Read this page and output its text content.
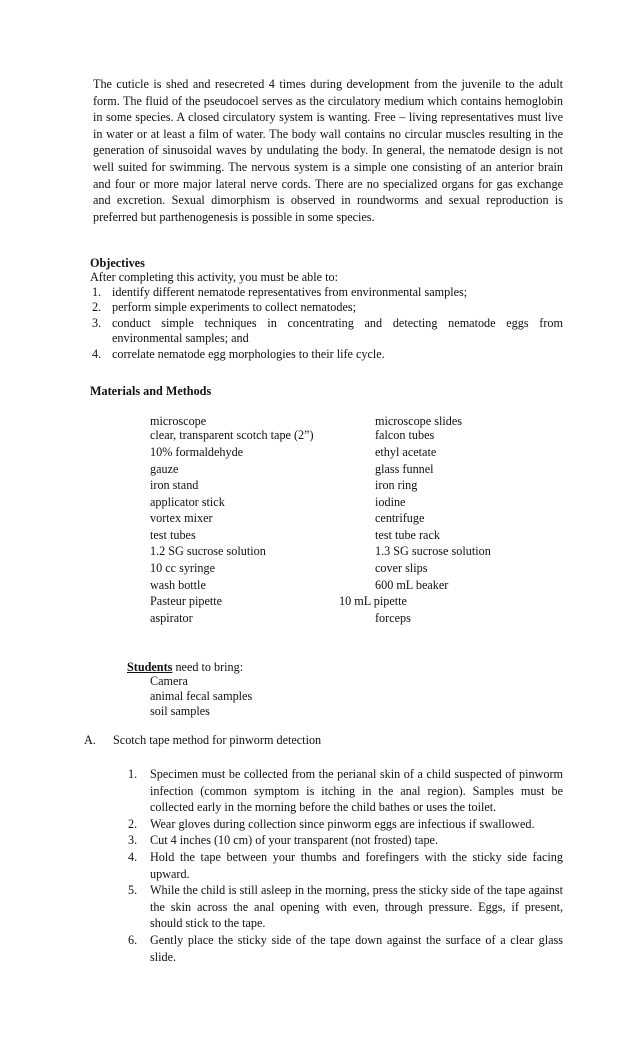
The cuticle is shed and resecreted 4 times during development from the juvenile to the adult form. The fluid of the pseudocoel serves as the circulatory medium which contains hemoglobin in some species. A closed circulatory system is wanting. Free – living representatives must live in water or at least a film of water. The body wall contains no circular muscles resulting in the generation of sinusoidal waves by undulating the body. In general, the nematode design is not well suited for swimming. The nervous system is a simple one consisting of an anterior brain and four or more major lateral nerve cords. There are no specialized organs for gas exchange and excretion. Sexual dimorphism is observed in roundworms and sexual reproduction is preferred but parthenogenesis is possible in some species.

Objectives
After completing this activity, you must be able to:
1. identify different nematode representatives from environmental samples;
2. perform simple experiments to collect nematodes;
3. conduct simple techniques in concentrating and detecting nematode eggs from environmental samples; and
4. correlate nematode egg morphologies to their life cycle.
Materials and Methods
microscope
clear, transparent scotch tape (2”)
10% formaldehyde
gauze
iron stand
applicator stick
vortex mixer
test tubes
1.2 SG sucrose solution
10 cc syringe
wash bottle
Pasteur pipette
aspirator
microscope slides
falcon tubes
ethyl acetate
glass funnel
iron ring
iodine
centrifuge
test tube rack
1.3 SG sucrose solution
cover slips
600 mL beaker
10 mL pipette
forceps
Students need to bring:
Camera
animal fecal samples
soil samples
A. Scotch tape method for pinworm detection
1. Specimen must be collected from the perianal skin of a child suspected of pinworm infection (common symptom is itching in the anal region). Samples must be collected early in the morning before the child bathes or uses the toilet.
2. Wear gloves during collection since pinworm eggs are infectious if swallowed.
3. Cut 4 inches (10 cm) of your transparent (not frosted) tape.
4. Hold the tape between your thumbs and forefingers with the sticky side facing upward.
5. While the child is still asleep in the morning, press the sticky side of the tape against the skin across the anal opening with even, through pressure. Eggs, if present, should stick to the tape.
6. Gently place the sticky side of the tape down against the surface of a clear glass slide.
